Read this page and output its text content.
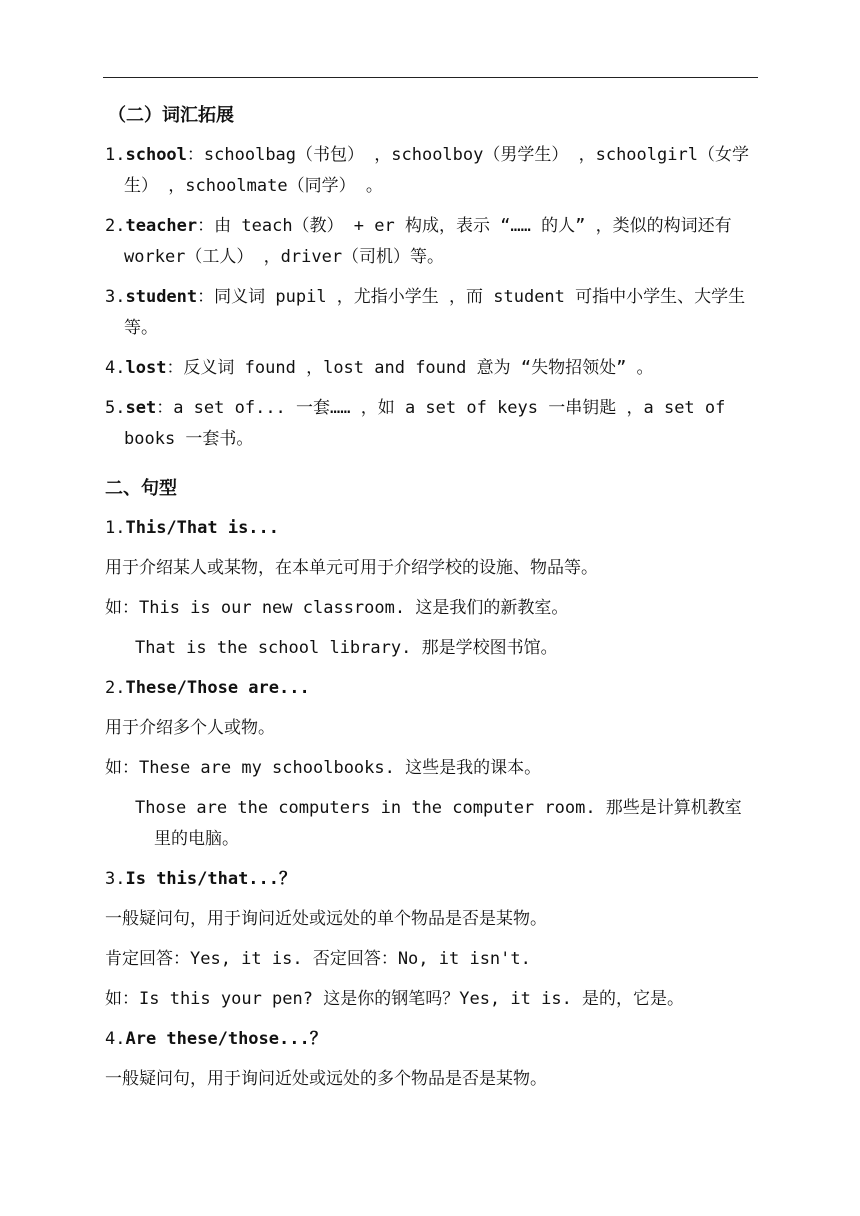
（二）词汇拓展
1.school：schoolbag（书包） ，schoolboy（男学生） ，schoolgirl（女学生） ，schoolmate（同学） 。
2.teacher：由 teach（教） + er 构成，表示 “…… 的人” ，类似的构词还有 worker（工人） ，driver（司机）等。
3.student：同义词 pupil ，尤指小学生 ，而 student 可指中小学生、大学生等。
4.lost：反义词 found ，lost and found 意为 “失物招领处” 。
5.set：a set of... 一套…… ，如 a set of keys 一串钥匙 ，a set of books 一套书。
二、句型
1.This/That is...
用于介绍某人或某物，在本单元可用于介绍学校的设施、物品等。
如：This is our new classroom. 这是我们的新教室。
That is the school library. 那是学校图书馆。
2.These/Those are...
用于介绍多个人或物。
如：These are my schoolbooks. 这些是我的课本。
Those are the computers in the computer room. 那些是计算机教室里的电脑。
3.Is this/that...？
一般疑问句，用于询问近处或远处的单个物品是否是某物。
肯定回答：Yes, it is. 否定回答：No, it isn't.
如：Is this your pen? 这是你的钢笔吗？Yes, it is. 是的，它是。
4.Are these/those...？
一般疑问句，用于询问近处或远处的多个物品是否是某物。
